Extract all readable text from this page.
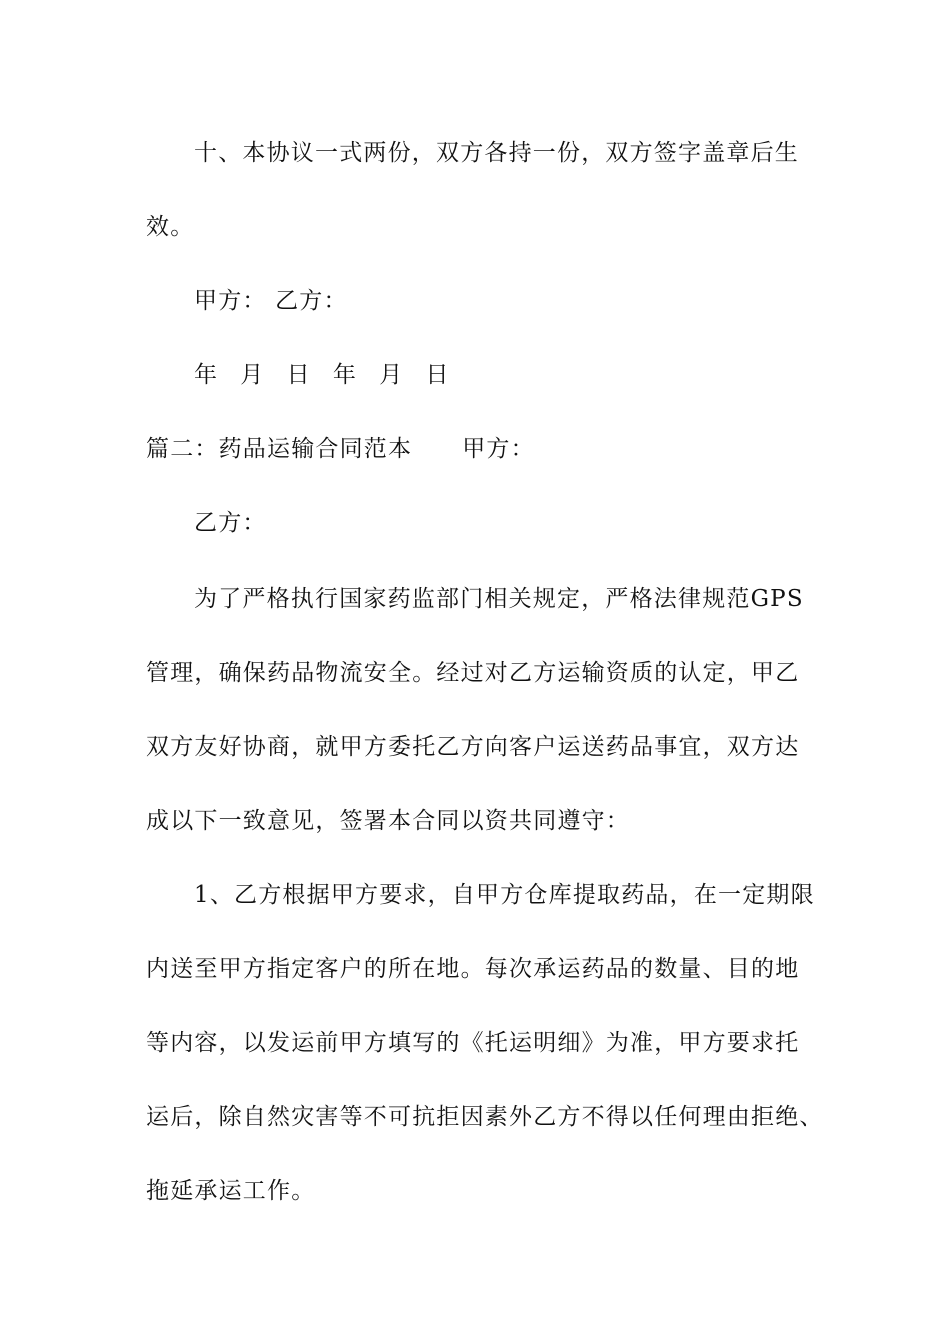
十、本协议一式两份，双方各持一份，双方签字盖章后生
效。
甲方： 乙方：
年 月 日 年 月 日
篇二：药品运输合同范本 甲方：
乙方：
为了严格执行国家药监部门相关规定，严格法律规范GPS
管理，确保药品物流安全。经过对乙方运输资质的认定，甲乙
双方友好协商，就甲方委托乙方向客户运送药品事宜，双方达
成以下一致意见，签署本合同以资共同遵守：
1、乙方根据甲方要求，自甲方仓库提取药品，在一定期限
内送至甲方指定客户的所在地。每次承运药品的数量、目的地
等内容，以发运前甲方填写的《托运明细》为准，甲方要求托
运后，除自然灾害等不可抗拒因素外乙方不得以任何理由拒绝、
拖延承运工作。
